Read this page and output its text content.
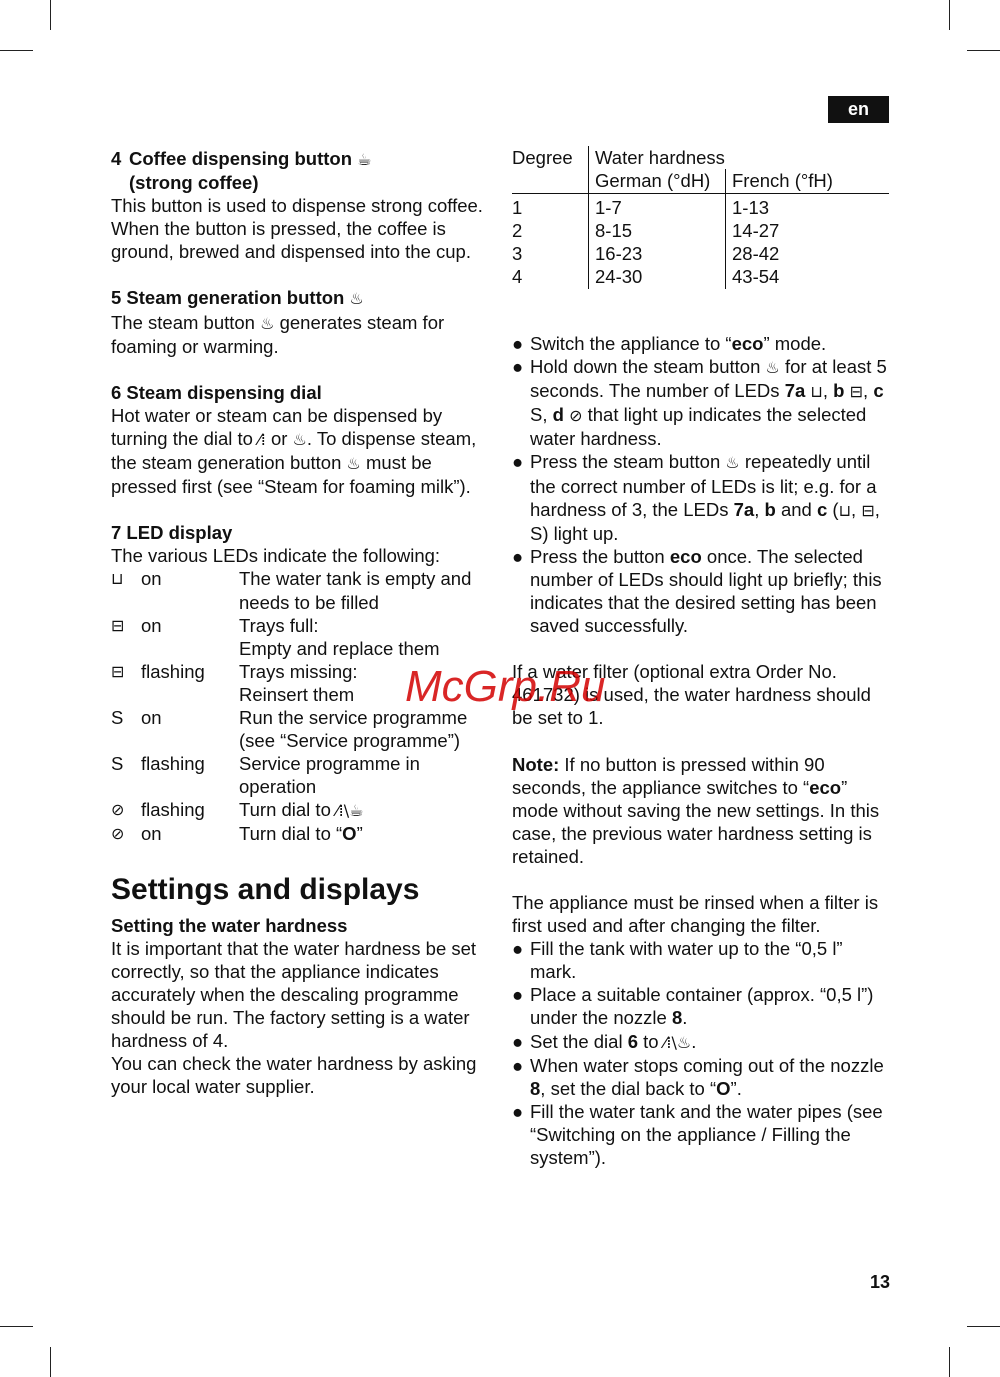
en
4 Coffee dispensing button ☕
(strong coffee)

This button is used to dispense strong coffee.

When the button is pressed, the coffee is ground, brewed and dispensed into the cup.

5 Steam generation button ♨

The steam button ♨ generates steam for foaming or warming.

6 Steam dispensing dial

Hot water or steam can be dispensed by turning the dial to ⁄⁞ or ♨. To dispense steam, the steam generation button ♨ must be pressed first (see “Steam for foaming milk”).

7 LED display

The various LEDs indicate the following:

⊔ on	The water tank is empty and needs to be filled
⊟ on	Trays full:
Empty and replace them
⊟ flashing	Trays missing:
Reinsert them
S on	Run the service programme
(see “Service programme”)
S flashing	Service programme in operation
⊘ flashing	Turn dial to ⁄⁞\☕
⊘ on	Turn dial to “O”
Settings and displays
Setting the water hardness

It is important that the water hardness be set correctly, so that the appliance indicates accurately when the descaling programme should be run. The factory setting is a water hardness of 4.

You can check the water hardness by asking your local water supplier.

Degree	Water hardness	
	German (°dH)	French (°fH)
1	1-7	1-13
2	8-15	14-27
3	16-23	28-42
4	24-30	43-54
● Switch the appliance to “eco” mode.
● Hold down the steam button ♨ for at least 5 seconds. The number of LEDs 7a ⊔, b ⊟, c S, d ⊘ that light up indicates the selected water hardness.
● Press the steam button ♨ repeatedly until the correct number of LEDs is lit; e.g. for a hardness of 3, the LEDs 7a, b and c (⊔, ⊟, S) light up.
● Press the button eco once. The selected number of LEDs should light up briefly; this indicates that the desired setting has been saved successfully.

If a water filter (optional extra Order No. 461732) is used, the water hardness should be set to 1.

Note: If no button is pressed within 90 seconds, the appliance switches to “eco” mode without saving the new settings. In this case, the previous water hardness setting is retained.

The appliance must be rinsed when a filter is first used and after changing the filter.

● Fill the tank with water up to the “0,5 l” mark.
● Place a suitable container (approx. “0,5 l”) under the nozzle 8.
● Set the dial 6 to ⁄⁞\♨.
● When water stops coming out of the nozzle 8, set the dial back to “O”.
● Fill the water tank and the water pipes (see “Switching on the appliance / Filling the system”).
McGrp.Ru
13
